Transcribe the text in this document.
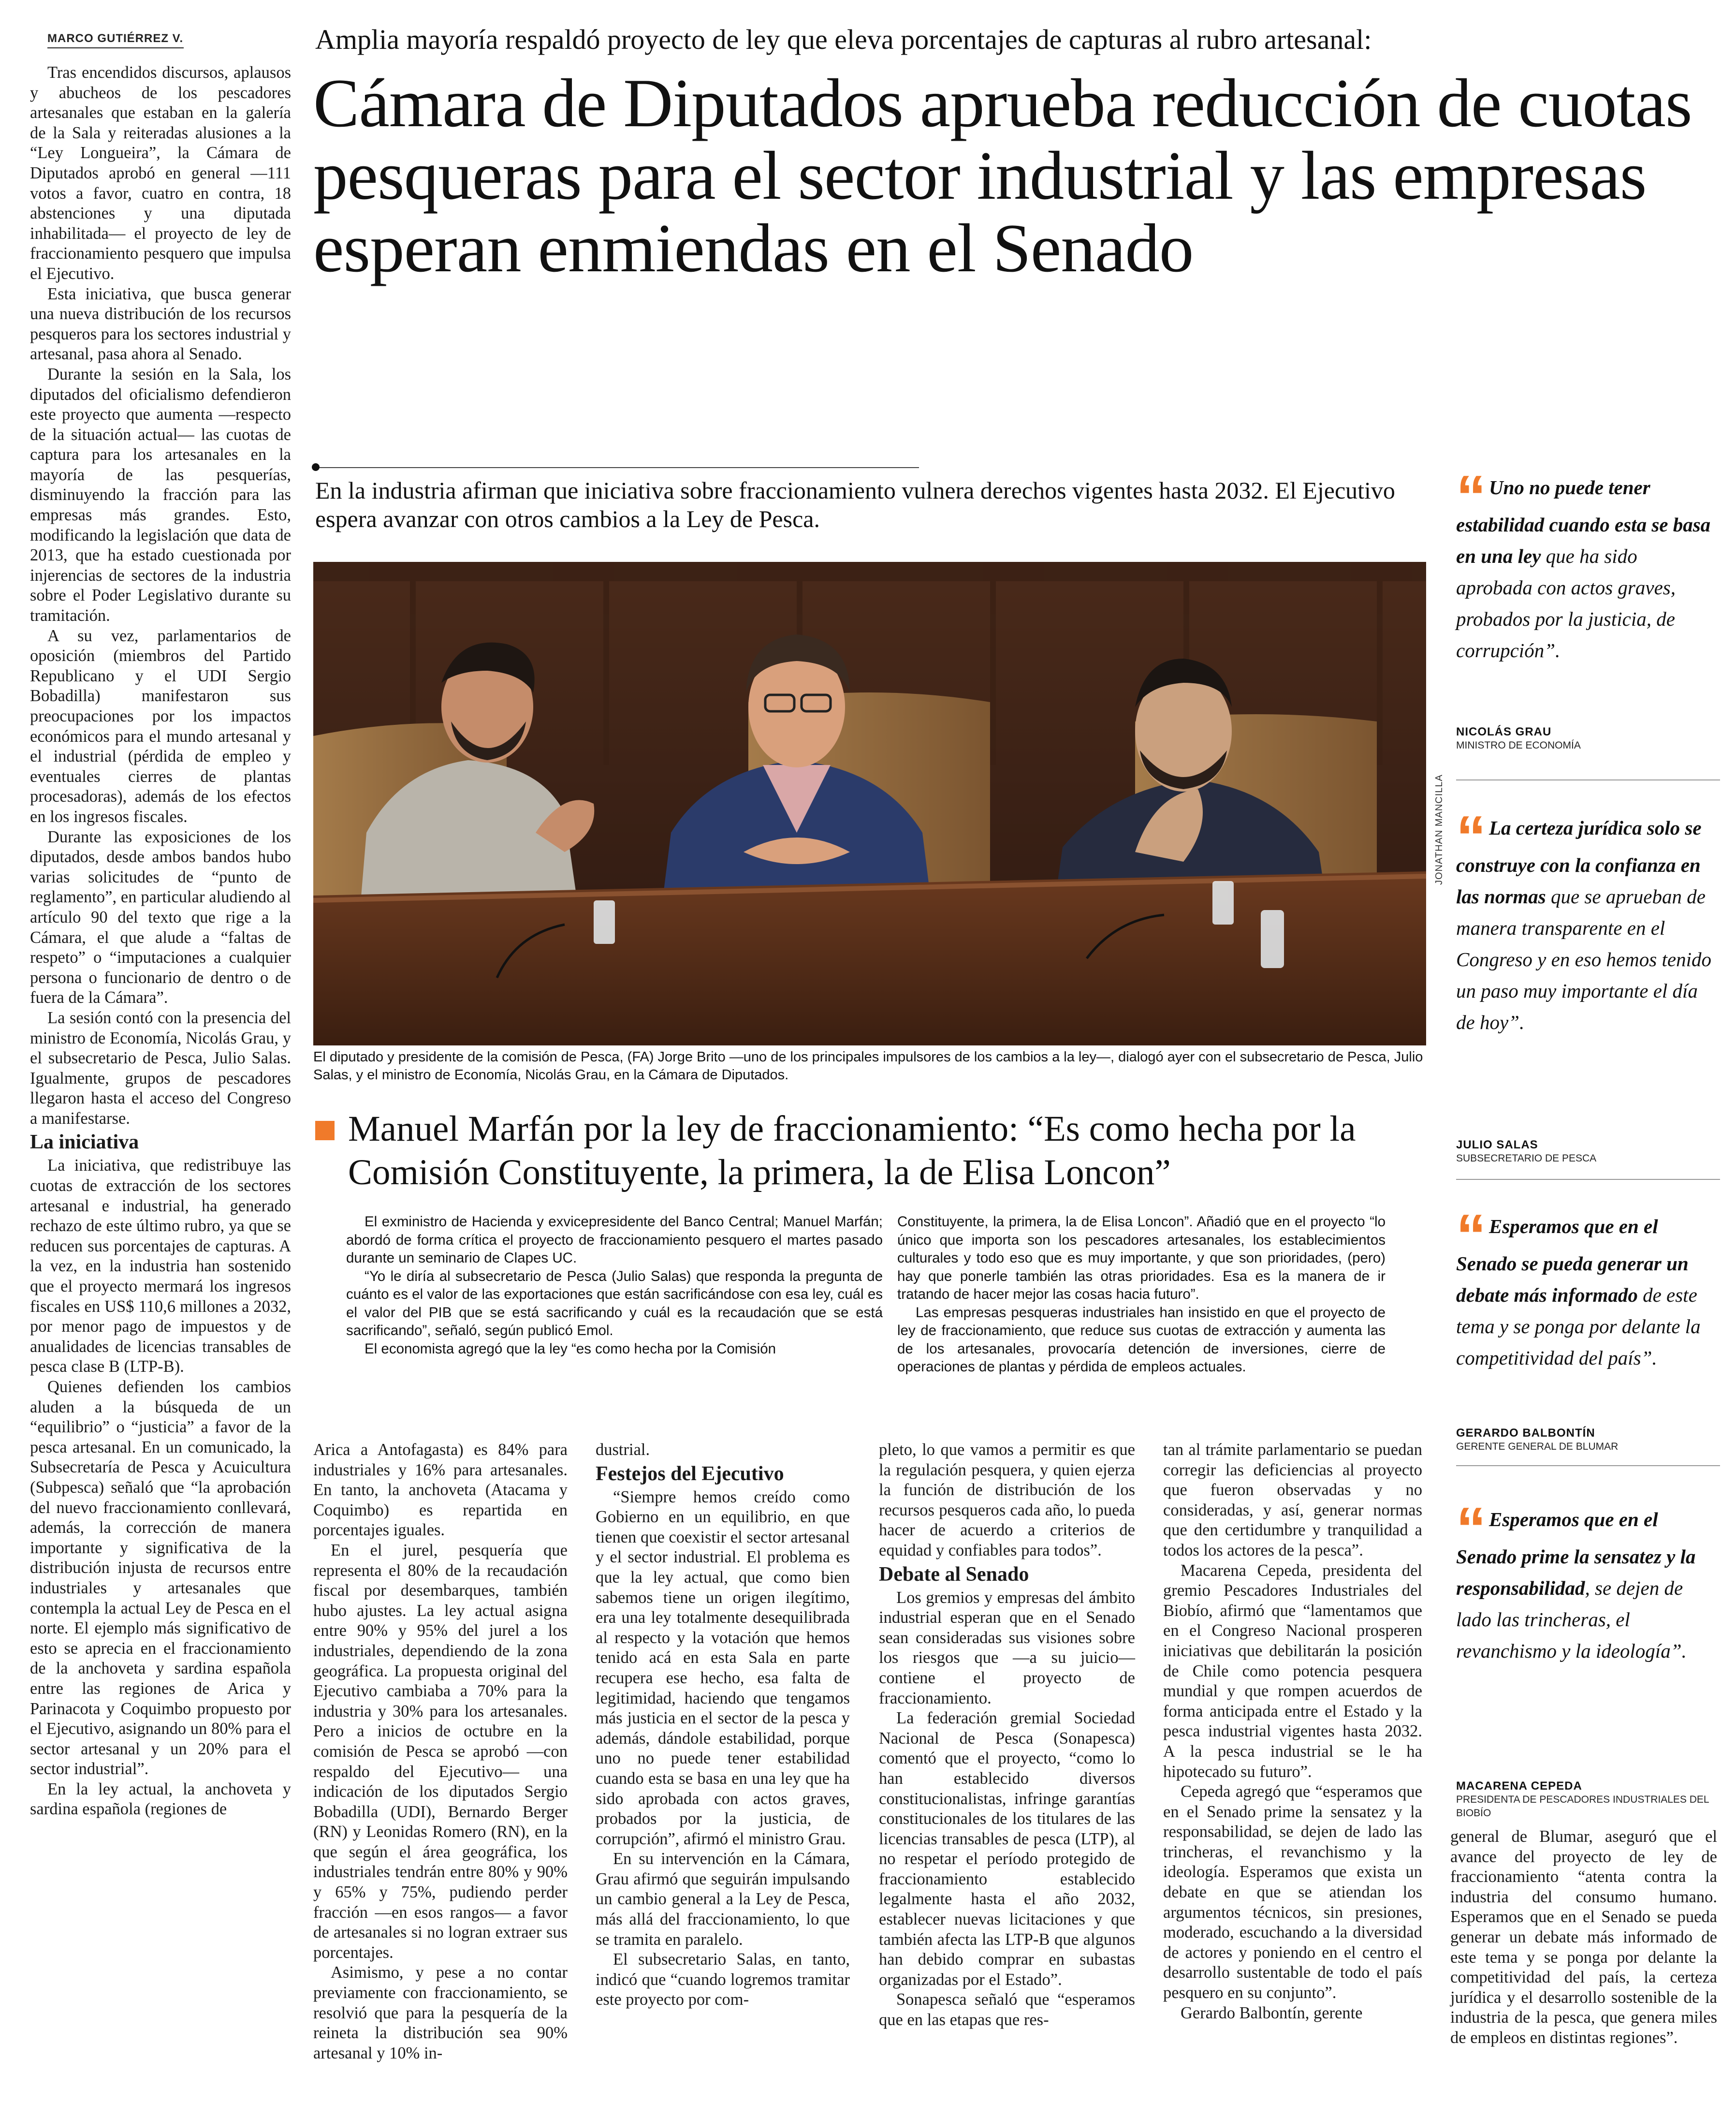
MARCO GUTIÉRREZ V.	Amplia mayoría respaldó proyecto de ley que eleva porcentajes de capturas al rubro artesanal:
Cámara de Diputados aprueba reducción de cuotas pesqueras para el sector industrial y las empresas esperan enmiendas en el Senado
En la industria afirman que iniciativa sobre fraccionamiento vulnera derechos vigentes hasta 2032. El Ejecutivo espera avanzar con otros cambios a la Ley de Pesca.

Tras encendidos discursos, aplausos y abucheos de los pescadores artesanales que estaban en la galería de la Sala y reiteradas alusiones a la “Ley Longueira”, la Cámara de Diputados aprobó en general —111 votos a favor, cuatro en contra, 18 abstenciones y una diputada inhabilitada— el proyecto de ley de fraccionamiento pesquero que impulsa el Ejecutivo.

Esta iniciativa, que busca generar una nueva distribución de los recursos pesqueros para los sectores industrial y artesanal, pasa ahora al Senado.

Durante la sesión en la Sala, los diputados del oficialismo defendieron este proyecto que aumenta —respecto de la situación actual— las cuotas de captura para los artesanales en la mayoría de las pesquerías, disminuyendo la fracción para las empresas más grandes. Esto, modificando la legislación que data de 2013, que ha estado cuestionada por injerencias de sectores de la industria sobre el Poder Legislativo durante su tramitación.

A su vez, parlamentarios de oposición (miembros del Partido Republicano y el UDI Sergio Bobadilla) manifestaron sus preocupaciones por los impactos económicos para el mundo artesanal y el industrial (pérdida de empleo y eventuales cierres de plantas procesadoras), además de los efectos en los ingresos fiscales.

Durante las exposiciones de los diputados, desde ambos bandos hubo varias solicitudes de “punto de reglamento”, en particular aludiendo al artículo 90 del texto que rige a la Cámara, el que alude a “faltas de respeto” o “imputaciones a cualquier persona o funcionario de dentro o de fuera de la Cámara”.

La sesión contó con la presencia del ministro de Economía, Nicolás Grau, y el subsecretario de Pesca, Julio Salas. Igualmente, grupos de pescadores llegaron hasta el acceso del Congreso a manifestarse.

La iniciativa

La iniciativa, que redistribuye las cuotas de extracción de los sectores artesanal e industrial, ha generado rechazo de este último rubro, ya que se reducen sus porcentajes de capturas. A la vez, en la industria han sostenido que el proyecto mermará los ingresos fiscales en US$ 110,6 millones a 2032, por menor pago de impuestos y de anualidades de licencias transables de pesca clase B (LTP-B).

Quienes defienden los cambios aluden a la búsqueda de un “equilibrio” o “justicia” a favor de la pesca artesanal. En un comunicado, la Subsecretaría de Pesca y Acuicultura (Subpesca) señaló que “la aprobación del nuevo fraccionamiento conllevará, además, la corrección de manera importante y significativa de la distribución injusta de recursos entre industriales y artesanales que contempla la actual Ley de Pesca en el norte. El ejemplo más significativo de esto se aprecia en el fraccionamiento de la anchoveta y sardina española entre las regiones de Arica y Parinacota y Coquimbo propuesto por el Ejecutivo, asignando un 80% para el sector artesanal y un 20% para el sector industrial”.

En la ley actual, la anchoveta y sardina española (regiones de

JONATHAN MANCILLA
El diputado y presidente de la comisión de Pesca, (FA) Jorge Brito —uno de los principales impulsores de los cambios a la ley—, dialogó ayer con el subsecretario de Pesca, Julio Salas, y el ministro de Economía, Nicolás Grau, en la Cámara de Diputados.
Manuel Marfán por la ley de fraccionamiento: “Es como hecha por la Comisión Constituyente, la primera, la de Elisa Loncon”

El exministro de Hacienda y exvicepresidente del Banco Central; Manuel Marfán; abordó de forma crítica el proyecto de fraccionamiento pesquero el martes pasado durante un seminario de Clapes UC.

“Yo le diría al subsecretario de Pesca (Julio Salas) que responda la pregunta de cuánto es el valor de las exportaciones que están sacrificándose con esa ley, cuál es el valor del PIB que se está sacrificando y cuál es la recaudación que se está sacrificando”, señaló, según publicó Emol.

El economista agregó que la ley “es como hecha por la Comisión

Constituyente, la primera, la de Elisa Loncon”. Añadió que en el proyecto “lo único que importa son los pescadores artesanales, los establecimientos culturales y todo eso que es muy importante, y que son prioridades, (pero) hay que ponerle también las otras prioridades. Esa es la manera de ir tratando de hacer mejor las cosas hacia futuro”.

Las empresas pesqueras industriales han insistido en que el proyecto de ley de fraccionamiento, que reduce sus cuotas de extracción y aumenta las de los artesanales, provocaría detención de inversiones, cierre de operaciones de plantas y pérdida de empleos actuales.

Arica a Antofagasta) es 84% para industriales y 16% para artesanales. En tanto, la anchoveta (Atacama y Coquimbo) es repartida en porcentajes iguales.

En el jurel, pesquería que representa el 80% de la recaudación fiscal por desembarques, también hubo ajustes. La ley actual asigna entre 90% y 95% del jurel a los industriales, dependiendo de la zona geográfica. La propuesta original del Ejecutivo cambiaba a 70% para la industria y 30% para los artesanales. Pero a inicios de octubre en la comisión de Pesca se aprobó —con respaldo del Ejecutivo— una indicación de los diputados Sergio Bobadilla (UDI), Bernardo Berger (RN) y Leonidas Romero (RN), en la que según el área geográfica, los industriales tendrán entre 80% y 90% y 65% y 75%, pudiendo perder fracción —en esos rangos— a favor de artesanales si no logran extraer sus porcentajes.

Asimismo, y pese a no contar previamente con fraccionamiento, se resolvió que para la pesquería de la reineta la distribución sea 90% artesanal y 10% in-

dustrial.

Festejos del Ejecutivo

“Siempre hemos creído como Gobierno en un equilibrio, en que tienen que coexistir el sector artesanal y el sector industrial. El problema es que la ley actual, que como bien sabemos tiene un origen ilegítimo, era una ley totalmente desequilibrada al respecto y la votación que hemos tenido acá en esta Sala en parte recupera ese hecho, esa falta de legitimidad, haciendo que tengamos más justicia en el sector de la pesca y además, dándole estabilidad, porque uno no puede tener estabilidad cuando esta se basa en una ley que ha sido aprobada con actos graves, probados por la justicia, de corrupción”, afirmó el ministro Grau.

En su intervención en la Cámara, Grau afirmó que seguirán impulsando un cambio general a la Ley de Pesca, más allá del fraccionamiento, lo que se tramita en paralelo.

El subsecretario Salas, en tanto, indicó que “cuando logremos tramitar este proyecto por com-

pleto, lo que vamos a permitir es que la regulación pesquera, y quien ejerza la función de distribución de los recursos pesqueros cada año, lo pueda hacer de acuerdo a criterios de equidad y confiables para todos”.

Debate al Senado

Los gremios y empresas del ámbito industrial esperan que en el Senado sean consideradas sus visiones sobre los riesgos que —a su juicio— contiene el proyecto de fraccionamiento.

La federación gremial Sociedad Nacional de Pesca (Sonapesca) comentó que el proyecto, “como lo han establecido diversos constitucionalistas, infringe garantías constitucionales de los titulares de las licencias transables de pesca (LTP), al no respetar el período protegido de fraccionamiento establecido legalmente hasta el año 2032, establecer nuevas licitaciones y que también afecta las LTP-B que algunos han debido comprar en subastas organizadas por el Estado”.

Sonapesca señaló que “esperamos que en las etapas que res-

tan al trámite parlamentario se puedan corregir las deficiencias al proyecto que fueron observadas y no consideradas, y así, generar normas que den certidumbre y tranquilidad a todos los actores de la pesca”.

Macarena Cepeda, presidenta del gremio Pescadores Industriales del Biobío, afirmó que “lamentamos que en el Congreso Nacional prosperen iniciativas que debilitarán la posición de Chile como potencia pesquera mundial y que rompen acuerdos de forma anticipada entre el Estado y la pesca industrial vigentes hasta 2032. A la pesca industrial se le ha hipotecado su futuro”.

Cepeda agregó que “esperamos que en el Senado prime la sensatez y la responsabilidad, se dejen de lado las trincheras, el revanchismo y la ideología. Esperamos que exista un debate en que se atiendan los argumentos técnicos, sin presiones, moderado, escuchando a la diversidad de actores y poniendo en el centro el desarrollo sustentable de todo el país pesquero en su conjunto”.

Gerardo Balbontín, gerente

general de Blumar, aseguró que el avance del proyecto de ley de fraccionamiento “atenta contra la industria del consumo humano. Esperamos que en el Senado se pueda generar un debate más informado de este tema y se ponga por delante la competitividad del país, la certeza jurídica y el desarrollo sostenible de la industria de la pesca, que genera miles de empleos en distintas regiones”.

“ Uno no puede tener estabilidad cuando esta se basa en una ley que ha sido aprobada con actos graves, probados por la justicia, de corrupción”.
NICOLÁS GRAU
MINISTRO DE ECONOMÍA
“ La certeza jurídica solo se construye con la confianza en las normas que se aprueban de manera transparente en el Congreso y en eso hemos tenido un paso muy importante el día de hoy”.
JULIO SALAS
SUBSECRETARIO DE PESCA
“ Esperamos que en el Senado se pueda generar un debate más informado de este tema y se ponga por delante la competitividad del país”.
GERARDO BALBONTÍN
GERENTE GENERAL DE BLUMAR
“ Esperamos que en el Senado prime la sensatez y la responsabilidad, se dejen de lado las trincheras, el revanchismo y la ideología”.
MACARENA CEPEDA
PRESIDENTA DE PESCADORES INDUSTRIALES DEL BIOBÍO
